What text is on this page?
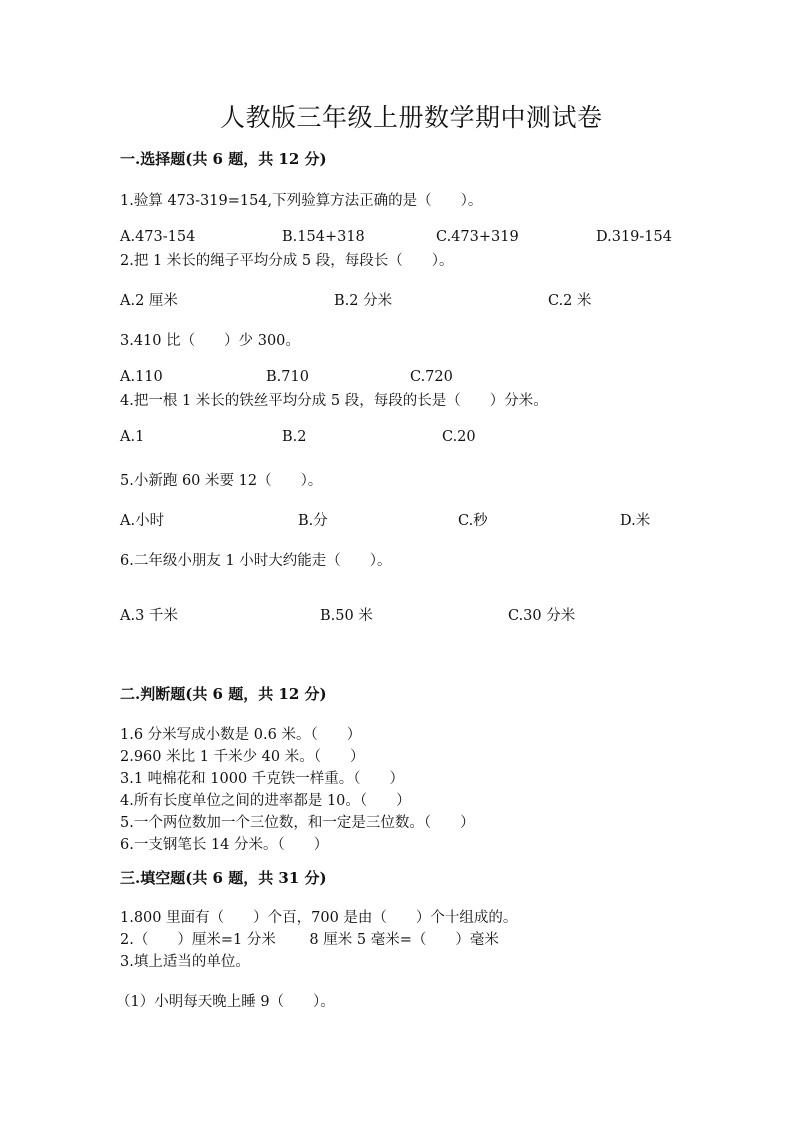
人教版三年级上册数学期中测试卷
一.选择题(共 6 题，共 12 分)
1.验算 473-319=154,下列验算方法正确的是（　　）。
A.473-154	B.154+318	C.473+319	D.319-154
2.把 1 米长的绳子平均分成 5 段，每段长（　　）。
A.2 厘米	B.2 分米	C.2 米
3.410 比（　　）少 300。
A.110	B.710	C.720
4.把一根 1 米长的铁丝平均分成 5 段，每段的长是（　　）分米。
A.1	B.2	C.20
5.小新跑 60 米要 12（　　）。
A.小时	B.分	C.秒	D.米
6.二年级小朋友 1 小时大约能走（　　）。
A.3 千米	B.50 米	C.30 分米
二.判断题(共 6 题，共 12 分)
1.6 分米写成小数是 0.6 米。（　　）
2.960 米比 1 千米少 40 米。（　　）
3.1 吨棉花和 1000 千克铁一样重。（　　）
4.所有长度单位之间的进率都是 10。（　　）
5.一个两位数加一个三位数，和一定是三位数。（　　）
6.一支钢笔长 14 分米。（　　）
三.填空题(共 6 题，共 31 分)
1.800 里面有（　　）个百，700 是由（　　）个十组成的。
2.（　　）厘米=1 分米　　 8 厘米 5 毫米=（　　）毫米
3.填上适当的单位。
（1）小明每天晚上睡 9（　　）。
